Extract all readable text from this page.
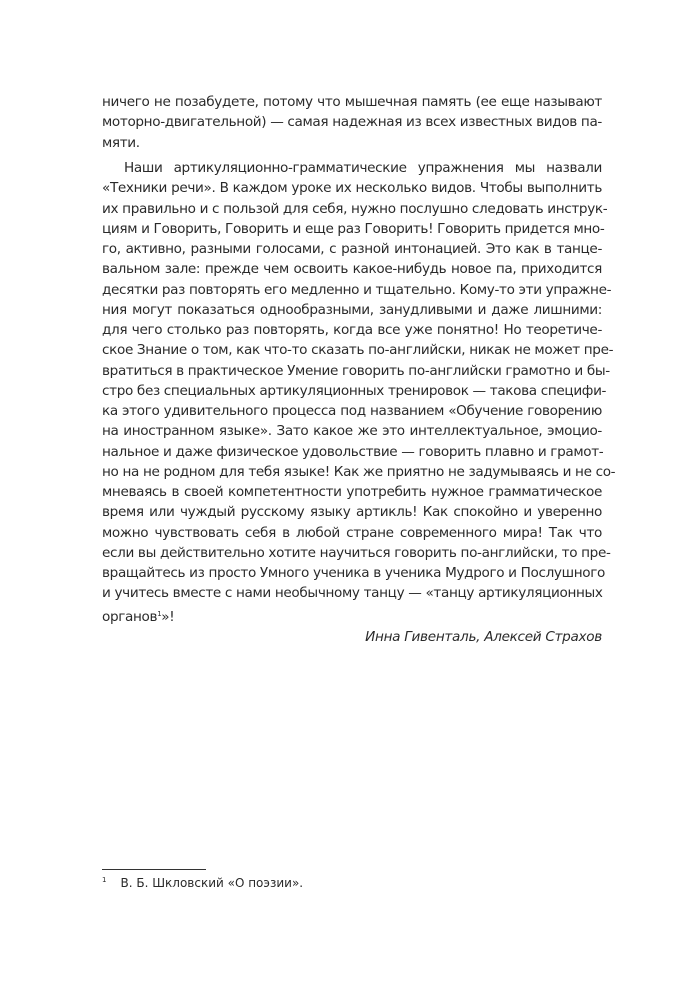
ничего не позабудете, потому что мышечная память (ее еще называют
моторно-двигательной) — самая надежная из всех известных видов па-
мяти.
Наши артикуляционно-грамматические упражнения мы назвали
«Техники речи». В каждом уроке их несколько видов. Чтобы выполнить
их правильно и с пользой для себя, нужно послушно следовать инструк-
циям и Говорить, Говорить и еще раз Говорить! Говорить придется мно-
го, активно, разными голосами, с разной интонацией. Это как в танце-
вальном зале: прежде чем освоить какое-нибудь новое па, приходится
десятки раз повторять его медленно и тщательно. Кому-то эти упражне-
ния могут показаться однообразными, занудливыми и даже лишними:
для чего столько раз повторять, когда все уже понятно! Но теоретиче-
ское Знание о том, как что-то сказать по-английски, никак не может пре-
вратиться в практическое Умение говорить по-английски грамотно и бы-
стро без специальных артикуляционных тренировок — такова специфи-
ка этого удивительного процесса под названием «Обучение говорению
на иностранном языке». Зато какое же это интеллектуальное, эмоцио-
нальное и даже физическое удовольствие — говорить плавно и грамот-
но на не родном для тебя языке! Как же приятно не задумываясь и не со-
мневаясь в своей компетентности употребить нужное грамматическое
время или чуждый русскому языку артикль! Как спокойно и уверенно
можно чувствовать себя в любой стране современного мира! Так что
если вы действительно хотите научиться говорить по-английски, то пре-
вращайтесь из просто Умного ученика в ученика Мудрого и Послушного
и учитесь вместе с нами необычному танцу — «танцу артикуляционных
органов$^1$»!
Инна Гивенталь, Алексей Страхов
$^1$ В. Б. Шкловский «О поэзии».
